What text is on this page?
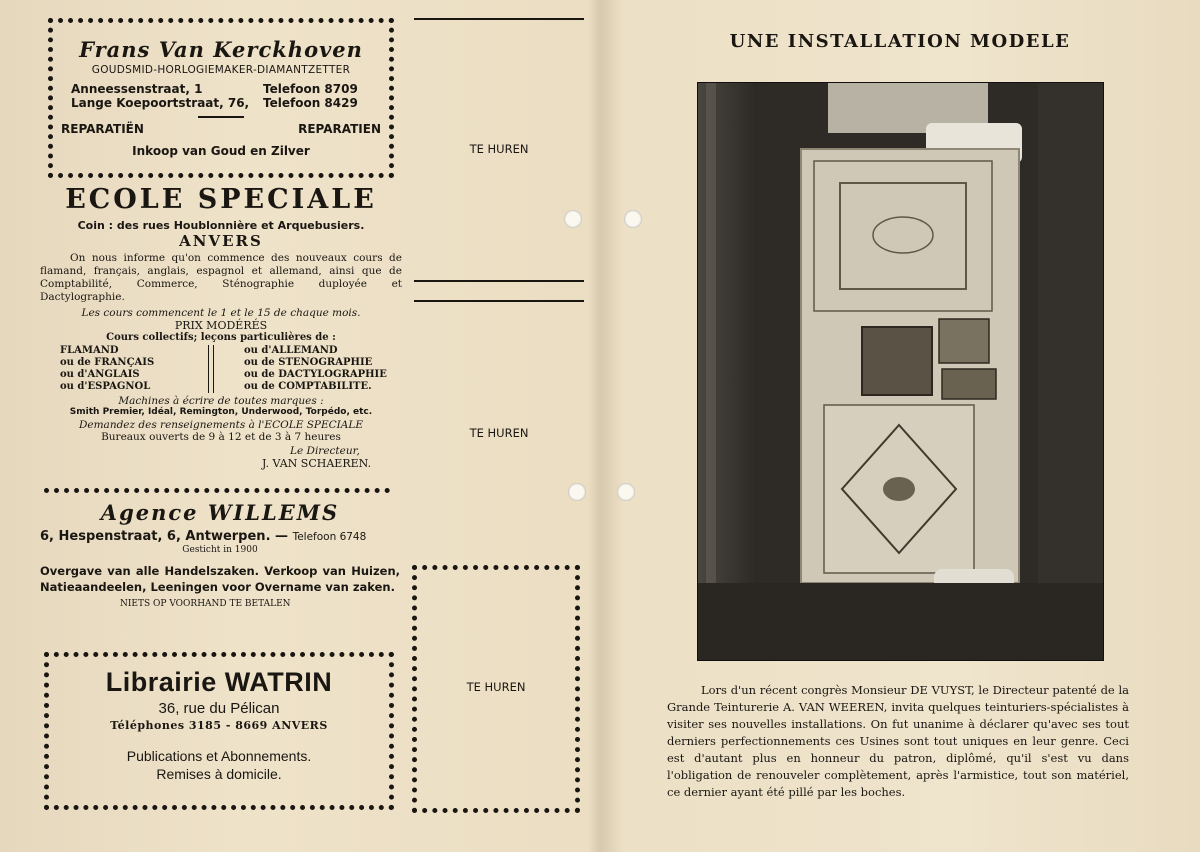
Frans Van Kerckhoven
GOUDSMID-HORLOGIEMAKER-DIAMANTZETTER
Anneessenstraat, 1	Telefoon 8709
Lange Koepoortstraat, 76, Telefoon 8429
REPARATIËN	REPARATIEN
Inkoop van Goud en Zilver
ECOLE SPECIALE
Coin : des rues Houblonnière et Arquebusiers.
ANVERS

On nous informe qu'on commence des nouveaux cours de flamand, français, anglais, espagnol et allemand, ainsi que de Comptabilité, Commerce, Sténographie duployée et Dactylographie.

Les cours commencent le 1 et le 15 de chaque mois.
PRIX MODÉRÉS
Cours collectifs; leçons particulières de :
FLAMAND
ou de FRANÇAIS
ou d'ANGLAIS
ou d'ESPAGNOL
ou d'ALLEMAND
ou de STENOGRAPHIE
ou de DACTYLOGRAPHIE
ou de COMPTABILITE.
Machines à écrire de toutes marques :
Smith Premier, Idéal, Remington, Underwood, Torpédo, etc.
Demandez des renseignements à l'ECOLE SPECIALE
Bureaux ouverts de 9 à 12 et de 3 à 7 heures
Le Directeur,
J. VAN SCHAEREN.
Agence WILLEMS
6, Hespenstraat, 6, Antwerpen. — Telefoon 6748
Gesticht in 1900

Overgave van alle Handelszaken. Verkoop van Huizen, Natieaandeelen, Leeningen voor Overname van zaken.

NIETS OP VOORHAND TE BETALEN
Librairie WATRIN
36, rue du Pélican
Téléphones 3185 - 8669 ANVERS
Publications et Abonnements.
Remises à domicile.
TE HUREN
TE HUREN
TE HUREN
UNE INSTALLATION MODELE

Lors d'un récent congrès Monsieur DE VUYST, le Directeur patenté de la Grande Teinturerie A. VAN WEEREN, invita quelques teinturiers-spécialistes à visiter ses nouvelles installations. On fut unanime à déclarer qu'avec ses tout derniers perfectionnements ces Usines sont tout uniques en leur genre. Ceci est d'autant plus en honneur du patron, diplômé, qu'il s'est vu dans l'obligation de renouveler complètement, après l'armistice, tout son matériel, ce dernier ayant été pillé par les boches.
